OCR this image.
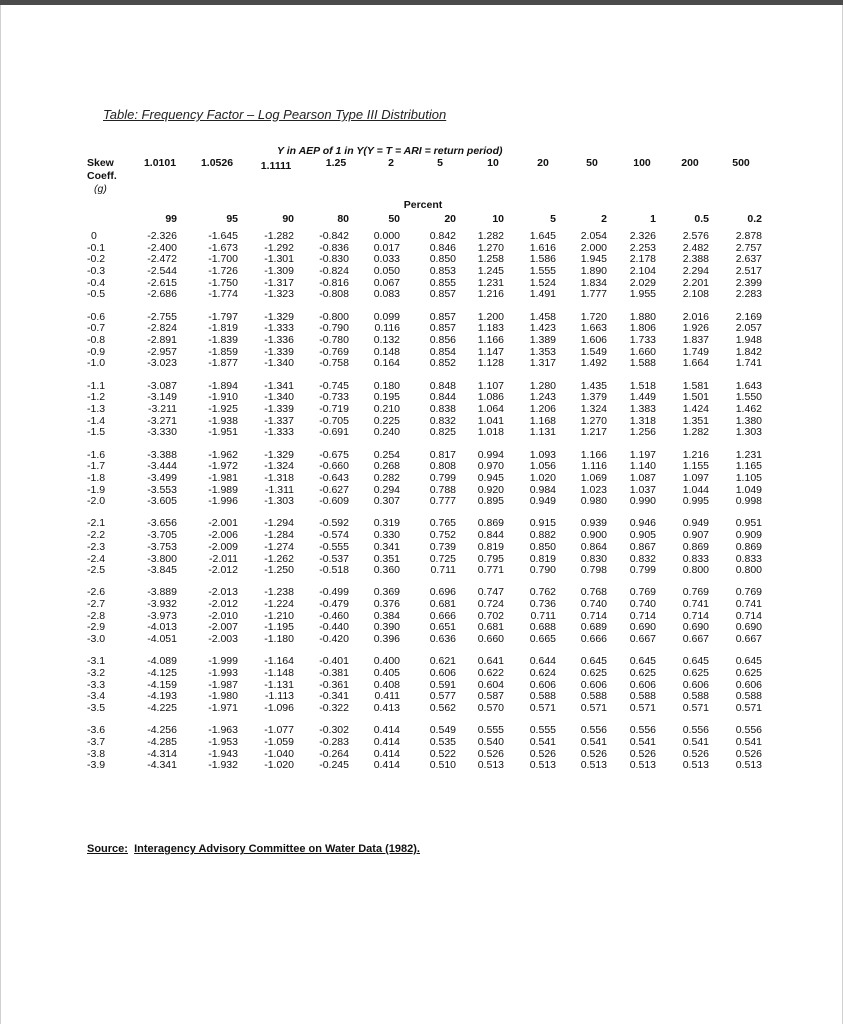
Table: Frequency Factor – Log Pearson Type III Distribution
Y in AEP of 1 in Y(Y = T = ARI = return period)
Skew
Coeff.
(g)
1.0101 1.0526	1.1111	1.25	2	5	10	20	50	100	200	500
Percent
99	95	90	80	50	20	10	5	2	1	0.5	0.2
0	-2.326	-1.645 -1.282 -0.842 0.000	0.842 1.282 1.645 2.054 2.326	2.576	2.878
-0.1	-2.400	-1.673 -1.292 -0.836 0.017	0.846 1.270 1.616 2.000 2.253	2.482	2.757
-0.2	-2.472	-1.700 -1.301 -0.830 0.033	0.850 1.258 1.586 1.945 2.178	2.388	2.637
-0.3	-2.544	-1.726 -1.309 -0.824 0.050	0.853 1.245 1.555 1.890 2.104	2.294	2.517
-0.4	-2.615	-1.750 -1.317 -0.816 0.067	0.855 1.231 1.524 1.834 2.029	2.201	2.399
-0.5	-2.686	-1.774 -1.323 -0.808 0.083	0.857 1.216 1.491 1.777 1.955	2.108	2.283
-0.6	-2.755	-1.797 -1.329 -0.800 0.099	0.857 1.200 1.458 1.720 1.880	2.016	2.169
-0.7	-2.824	-1.819 -1.333 -0.790 0.116	0.857 1.183 1.423 1.663 1.806	1.926	2.057
-0.8	-2.891	-1.839 -1.336 -0.780 0.132	0.856 1.166 1.389 1.606 1.733	1.837	1.948
-0.9	-2.957	-1.859 -1.339 -0.769 0.148	0.854 1.147 1.353 1.549 1.660	1.749	1.842
-1.0	-3.023	-1.877 -1.340 -0.758 0.164	0.852 1.128 1.317 1.492 1.588	1.664	1.741
-1.1	-3.087	-1.894 -1.341 -0.745 0.180	0.848 1.107 1.280 1.435 1.518	1.581	1.643
-1.2	-3.149	-1.910 -1.340 -0.733 0.195	0.844 1.086 1.243 1.379 1.449	1.501	1.550
-1.3	-3.211	-1.925 -1.339 -0.719 0.210	0.838 1.064 1.206 1.324 1.383	1.424	1.462
-1.4	-3.271	-1.938 -1.337 -0.705 0.225	0.832 1.041 1.168 1.270 1.318	1.351	1.380
-1.5	-3.330	-1.951 -1.333 -0.691 0.240	0.825 1.018 1.131 1.217 1.256	1.282	1.303
-1.6	-3.388	-1.962 -1.329 -0.675 0.254	0.817 0.994 1.093 1.166 1.197	1.216	1.231
-1.7	-3.444	-1.972 -1.324 -0.660 0.268	0.808 0.970 1.056 1.116 1.140	1.155	1.165
-1.8	-3.499	-1.981 -1.318 -0.643 0.282	0.799 0.945 1.020 1.069 1.087	1.097	1.105
-1.9	-3.553	-1.989	-1.311 -0.627 0.294	0.788 0.920 0.984 1.023 1.037	1.044	1.049
-2.0	-3.605	-1.996 -1.303 -0.609 0.307	0.777 0.895 0.949 0.980 0.990	0.995	0.998
-2.1	-3.656	-2.001 -1.294 -0.592 0.319	0.765 0.869 0.915 0.939 0.946	0.949	0.951
-2.2	-3.705	-2.006 -1.284 -0.574 0.330	0.752 0.844 0.882 0.900 0.905	0.907	0.909
-2.3	-3.753	-2.009 -1.274 -0.555 0.341	0.739 0.819 0.850 0.864 0.867	0.869	0.869
-2.4	-3.800	-2.011 -1.262 -0.537 0.351	0.725 0.795 0.819 0.830 0.832	0.833	0.833
-2.5	-3.845	-2.012 -1.250 -0.518 0.360	0.711 0.771 0.790 0.798 0.799	0.800	0.800
-2.6	-3.889	-2.013 -1.238 -0.499 0.369	0.696 0.747 0.762 0.768 0.769	0.769	0.769
-2.7	-3.932	-2.012 -1.224 -0.479 0.376	0.681 0.724 0.736 0.740 0.740	0.741	0.741
-2.8	-3.973	-2.010 -1.210 -0.460 0.384	0.666 0.702	0.711 0.714 0.714	0.714	0.714
-2.9	-4.013	-2.007 -1.195 -0.440 0.390	0.651 0.681 0.688 0.689 0.690	0.690	0.690
-3.0	-4.051	-2.003 -1.180 -0.420 0.396	0.636 0.660 0.665 0.666 0.667	0.667	0.667
-3.1	-4.089	-1.999 -1.164 -0.401 0.400	0.621 0.641 0.644 0.645 0.645	0.645	0.645
-3.2	-4.125	-1.993 -1.148 -0.381 0.405	0.606 0.622 0.624 0.625 0.625	0.625	0.625
-3.3	-4.159	-1.987 -1.131 -0.361 0.408	0.591 0.604 0.606 0.606 0.606	0.606	0.606
-3.4	-4.193	-1.980	-1.113 -0.341 0.411	0.577 0.587 0.588 0.588 0.588	0.588	0.588
-3.5	-4.225	-1.971 -1.096 -0.322 0.413	0.562 0.570 0.571 0.571 0.571	0.571	0.571
-3.6	-4.256	-1.963 -1.077 -0.302 0.414	0.549 0.555 0.555 0.556 0.556	0.556	0.556
-3.7	-4.285	-1.953 -1.059 -0.283 0.414	0.535 0.540 0.541 0.541 0.541	0.541	0.541
-3.8	-4.314	-1.943 -1.040 -0.264 0.414	0.522 0.526 0.526 0.526 0.526	0.526	0.526
-3.9	-4.341	-1.932 -1.020 -0.245 0.414	0.510 0.513 0.513 0.513 0.513	0.513	0.513
Source: Interagency Advisory Committee on Water Data (1982).
